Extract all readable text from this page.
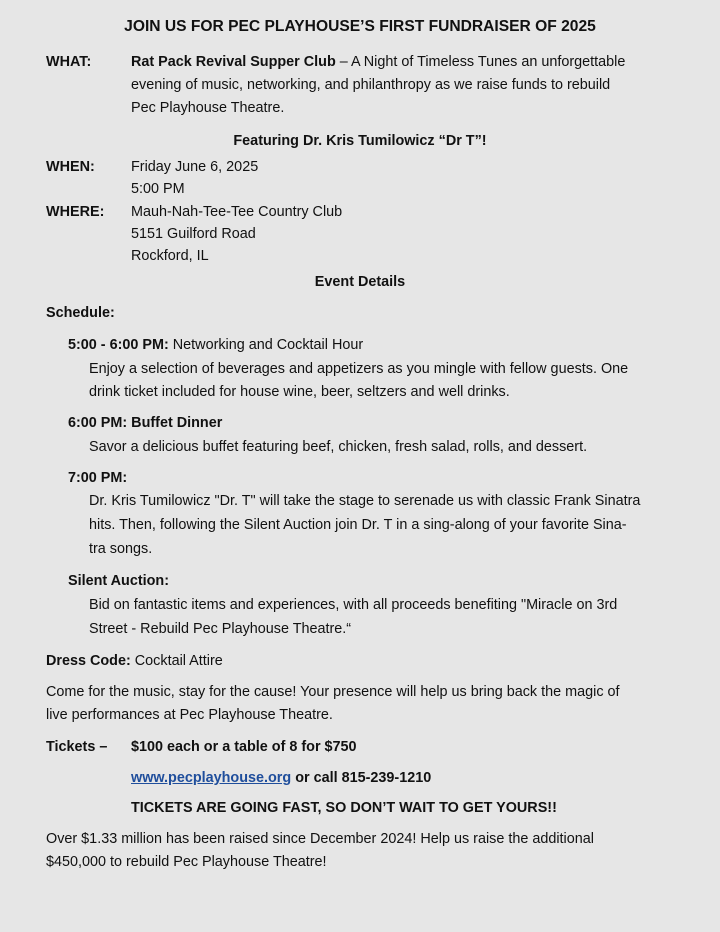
JOIN US FOR PEC PLAYHOUSE’S FIRST FUNDRAISER OF 2025
WHAT:	Rat Pack Revival Supper Club – A Night of Timeless Tunes an unforgettable
evening of music, networking, and philanthropy as we raise funds to rebuild
Pec Playhouse Theatre.
Featuring Dr. Kris Tumilowicz “Dr T”!
WHEN:	Friday June 6, 2025
5:00 PM
WHERE: Mauh-Nah-Tee-Tee Country Club
5151 Guilford Road
Rockford, IL
Event Details
Schedule:
5:00 - 6:00 PM: Networking and Cocktail Hour
Enjoy a selection of beverages and appetizers as you mingle with fellow guests. One
drink ticket included for house wine, beer, seltzers and well drinks.
6:00 PM: Buffet Dinner
Savor a delicious buffet featuring beef, chicken, fresh salad, rolls, and dessert.
7:00 PM:
Dr. Kris Tumilowicz "Dr. T" will take the stage to serenade us with classic Frank Sinatra
hits. Then, following the Silent Auction join Dr. T in a sing-along of your favorite Sina-
tra songs.
Silent Auction:
Bid on fantastic items and experiences, with all proceeds benefiting "Miracle on 3rd
Street - Rebuild Pec Playhouse Theatre.“
Dress Code: Cocktail Attire
Come for the music, stay for the cause! Your presence will help us bring back the magic of
live performances at Pec Playhouse Theatre.
Tickets – $100 each or a table of 8 for $750
www.pecplayhouse.org or call 815-239-1210
TICKETS ARE GOING FAST, SO DON’T WAIT TO GET YOURS!!
Over $1.33 million has been raised since December 2024! Help us raise the additional
$450,000 to rebuild Pec Playhouse Theatre!
